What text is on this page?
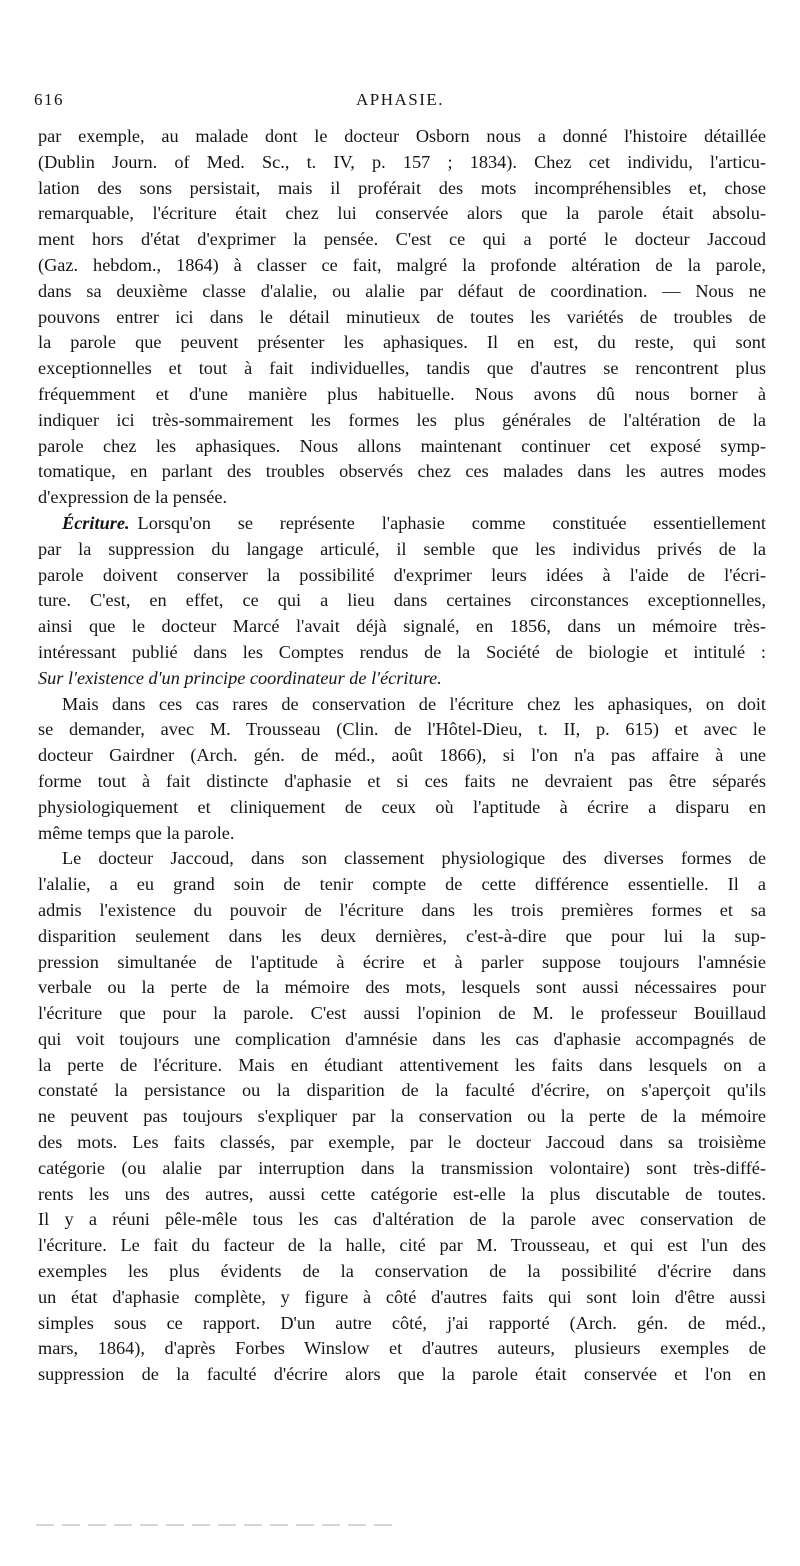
616	APHASIE.
par exemple, au malade dont le docteur Osborn nous a donné l'histoire détaillée
(Dublin Journ. of Med. Sc., t. IV, p. 157 ; 1834). Chez cet individu, l'articu-
lation des sons persistait, mais il proférait des mots incompréhensibles et, chose
remarquable, l'écriture était chez lui conservée alors que la parole était absolu-
ment hors d'état d'exprimer la pensée. C'est ce qui a porté le docteur Jaccoud
(Gaz. hebdom., 1864) à classer ce fait, malgré la profonde altération de la parole,
dans sa deuxième classe d'alalie, ou alalie par défaut de coordination. — Nous ne
pouvons entrer ici dans le détail minutieux de toutes les variétés de troubles de
la parole que peuvent présenter les aphasiques. Il en est, du reste, qui sont
exceptionnelles et tout à fait individuelles, tandis que d'autres se rencontrent plus
fréquemment et d'une manière plus habituelle. Nous avons dû nous borner à
indiquer ici très-sommairement les formes les plus générales de l'altération de la
parole chez les aphasiques. Nous allons maintenant continuer cet exposé symp-
tomatique, en parlant des troubles observés chez ces malades dans les autres modes
d'expression de la pensée.
Écriture. Lorsqu'on se représente l'aphasie comme constituée essentiellement
par la suppression du langage articulé, il semble que les individus privés de la
parole doivent conserver la possibilité d'exprimer leurs idées à l'aide de l'écri-
ture. C'est, en effet, ce qui a lieu dans certaines circonstances exceptionnelles,
ainsi que le docteur Marcé l'avait déjà signalé, en 1856, dans un mémoire très-
intéressant publié dans les Comptes rendus de la Société de biologie et intitulé :
Sur l'existence d'un principe coordinateur de l'écriture.
Mais dans ces cas rares de conservation de l'écriture chez les aphasiques, on doit
se demander, avec M. Trousseau (Clin. de l'Hôtel-Dieu, t. II, p. 615) et avec le
docteur Gairdner (Arch. gén. de méd., août 1866), si l'on n'a pas affaire à une
forme tout à fait distincte d'aphasie et si ces faits ne devraient pas être séparés
physiologiquement et cliniquement de ceux où l'aptitude à écrire a disparu en
même temps que la parole.
Le docteur Jaccoud, dans son classement physiologique des diverses formes de
l'alalie, a eu grand soin de tenir compte de cette différence essentielle. Il a
admis l'existence du pouvoir de l'écriture dans les trois premières formes et sa
disparition seulement dans les deux dernières, c'est-à-dire que pour lui la sup-
pression simultanée de l'aptitude à écrire et à parler suppose toujours l'amnésie
verbale ou la perte de la mémoire des mots, lesquels sont aussi nécessaires pour
l'écriture que pour la parole. C'est aussi l'opinion de M. le professeur Bouillaud
qui voit toujours une complication d'amnésie dans les cas d'aphasie accompagnés de
la perte de l'écriture. Mais en étudiant attentivement les faits dans lesquels on a
constaté la persistance ou la disparition de la faculté d'écrire, on s'aperçoit qu'ils
ne peuvent pas toujours s'expliquer par la conservation ou la perte de la mémoire
des mots. Les faits classés, par exemple, par le docteur Jaccoud dans sa troisième
catégorie (ou alalie par interruption dans la transmission volontaire) sont très-diffé-
rents les uns des autres, aussi cette catégorie est-elle la plus discutable de toutes.
Il y a réuni pêle-mêle tous les cas d'altération de la parole avec conservation de
l'écriture. Le fait du facteur de la halle, cité par M. Trousseau, et qui est l'un des
exemples les plus évidents de la conservation de la possibilité d'écrire dans
un état d'aphasie complète, y figure à côté d'autres faits qui sont loin d'être aussi
simples sous ce rapport. D'un autre côté, j'ai rapporté (Arch. gén. de méd.,
mars, 1864), d'après Forbes Winslow et d'autres auteurs, plusieurs exemples de
suppression de la faculté d'écrire alors que la parole était conservée et l'on en
